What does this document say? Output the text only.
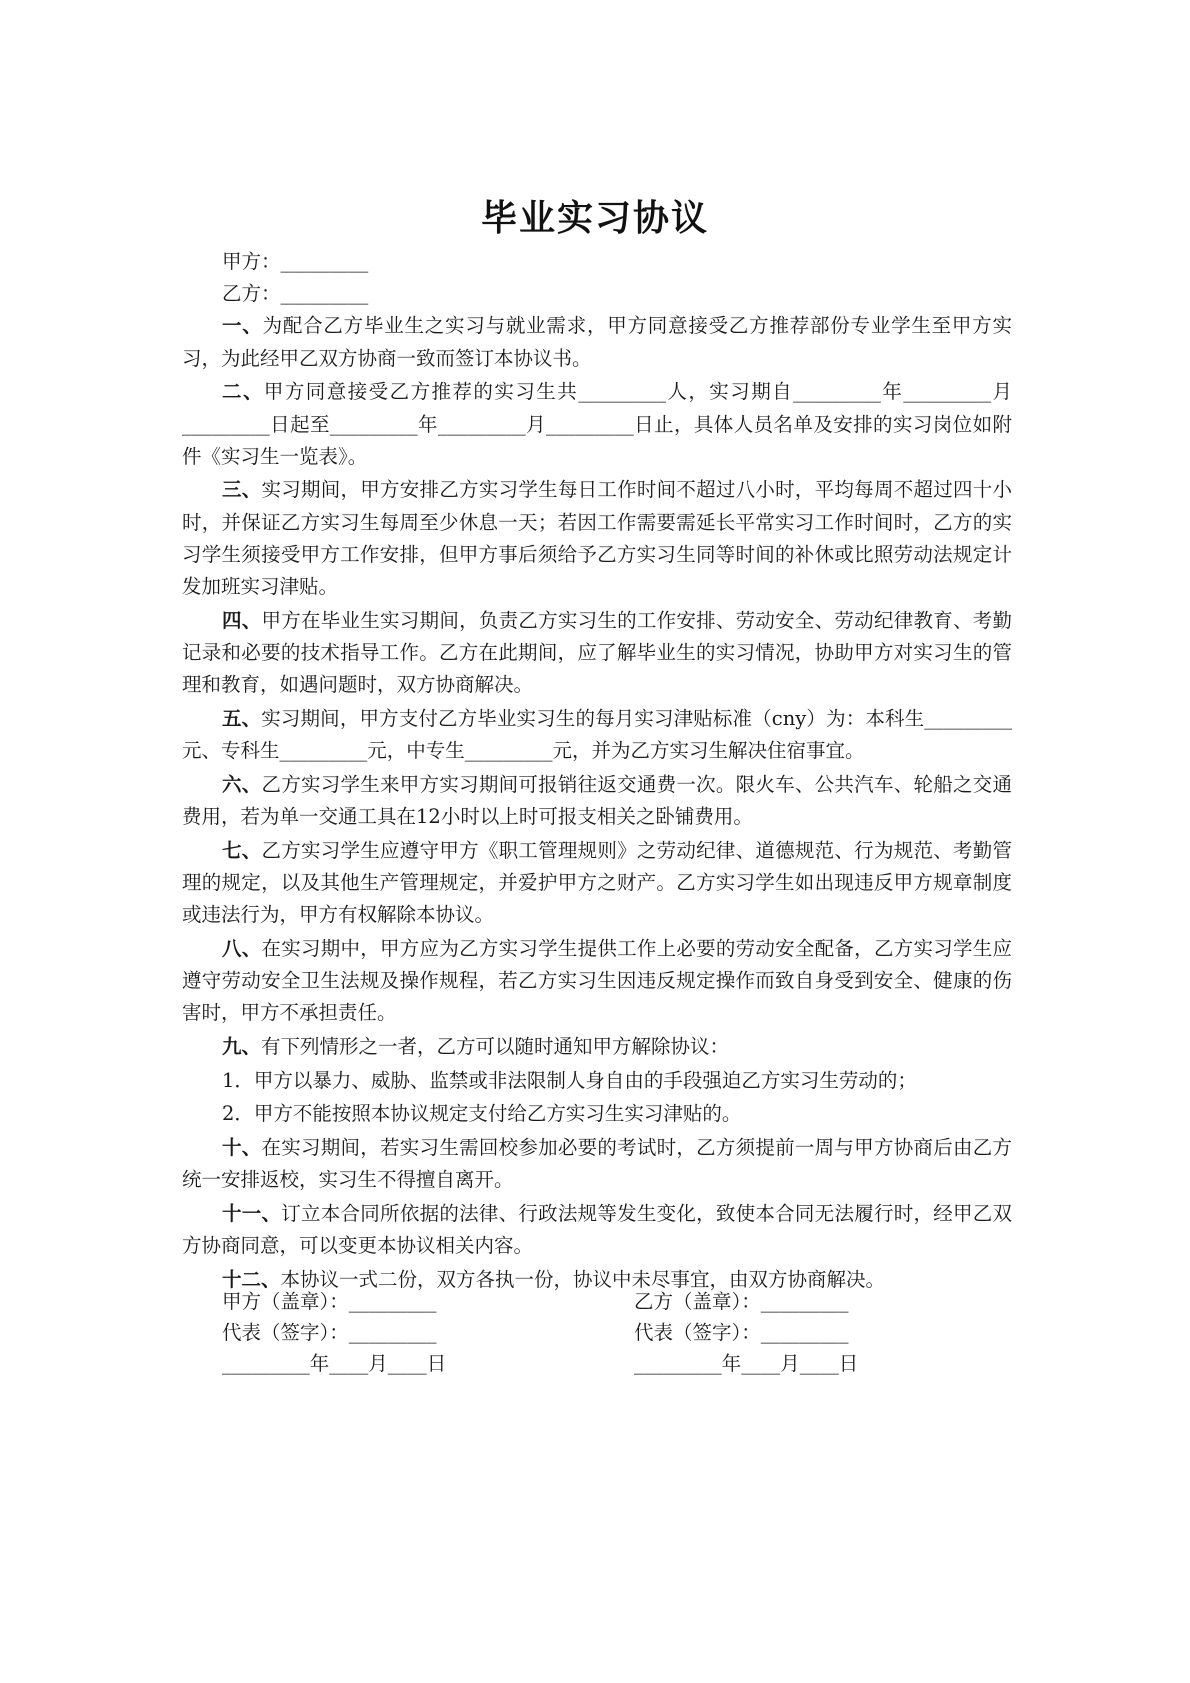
毕业实习协议

甲方：_________

乙方：_________

一、为配合乙方毕业生之实习与就业需求，甲方同意接受乙方推荐部份专业学生至甲方实习，为此经甲乙双方协商一致而签订本协议书。

二、甲方同意接受乙方推荐的实习生共_________人，实习期自_________年_________月_________日起至_________年_________月_________日止，具体人员名单及安排的实习岗位如附件《实习生一览表》。

三、实习期间，甲方安排乙方实习学生每日工作时间不超过八小时，平均每周不超过四十小时，并保证乙方实习生每周至少休息一天；若因工作需要需延长平常实习工作时间时，乙方的实习学生须接受甲方工作安排，但甲方事后须给予乙方实习生同等时间的补休或比照劳动法规定计发加班实习津贴。

四、甲方在毕业生实习期间，负责乙方实习生的工作安排、劳动安全、劳动纪律教育、考勤记录和必要的技术指导工作。乙方在此期间，应了解毕业生的实习情况，协助甲方对实习生的管理和教育，如遇问题时，双方协商解决。

五、实习期间，甲方支付乙方毕业实习生的每月实习津贴标准（cny）为：本科生_________元、专科生_________元，中专生_________元，并为乙方实习生解决住宿事宜。

六、乙方实习学生来甲方实习期间可报销往返交通费一次。限火车、公共汽车、轮船之交通费用，若为单一交通工具在12小时以上时可报支相关之卧铺费用。

七、乙方实习学生应遵守甲方《职工管理规则》之劳动纪律、道德规范、行为规范、考勤管理的规定，以及其他生产管理规定，并爱护甲方之财产。乙方实习学生如出现违反甲方规章制度或违法行为，甲方有权解除本协议。

八、在实习期中，甲方应为乙方实习学生提供工作上必要的劳动安全配备，乙方实习学生应遵守劳动安全卫生法规及操作规程，若乙方实习生因违反规定操作而致自身受到安全、健康的伤害时，甲方不承担责任。

九、有下列情形之一者，乙方可以随时通知甲方解除协议：

1．甲方以暴力、威胁、监禁或非法限制人身自由的手段强迫乙方实习生劳动的；

2．甲方不能按照本协议规定支付给乙方实习生实习津贴的。

十、在实习期间，若实习生需回校参加必要的考试时，乙方须提前一周与甲方协商后由乙方统一安排返校，实习生不得擅自离开。

十一、订立本合同所依据的法律、行政法规等发生变化，致使本合同无法履行时，经甲乙双方协商同意，可以变更本协议相关内容。

十二、本协议一式二份，双方各执一份，协议中未尽事宜，由双方协商解决。

甲方（盖章）：_________
代表（签字）：_________
_________年____月____日
乙方（盖章）：_________
代表（签字）：_________
_________年____月____日
